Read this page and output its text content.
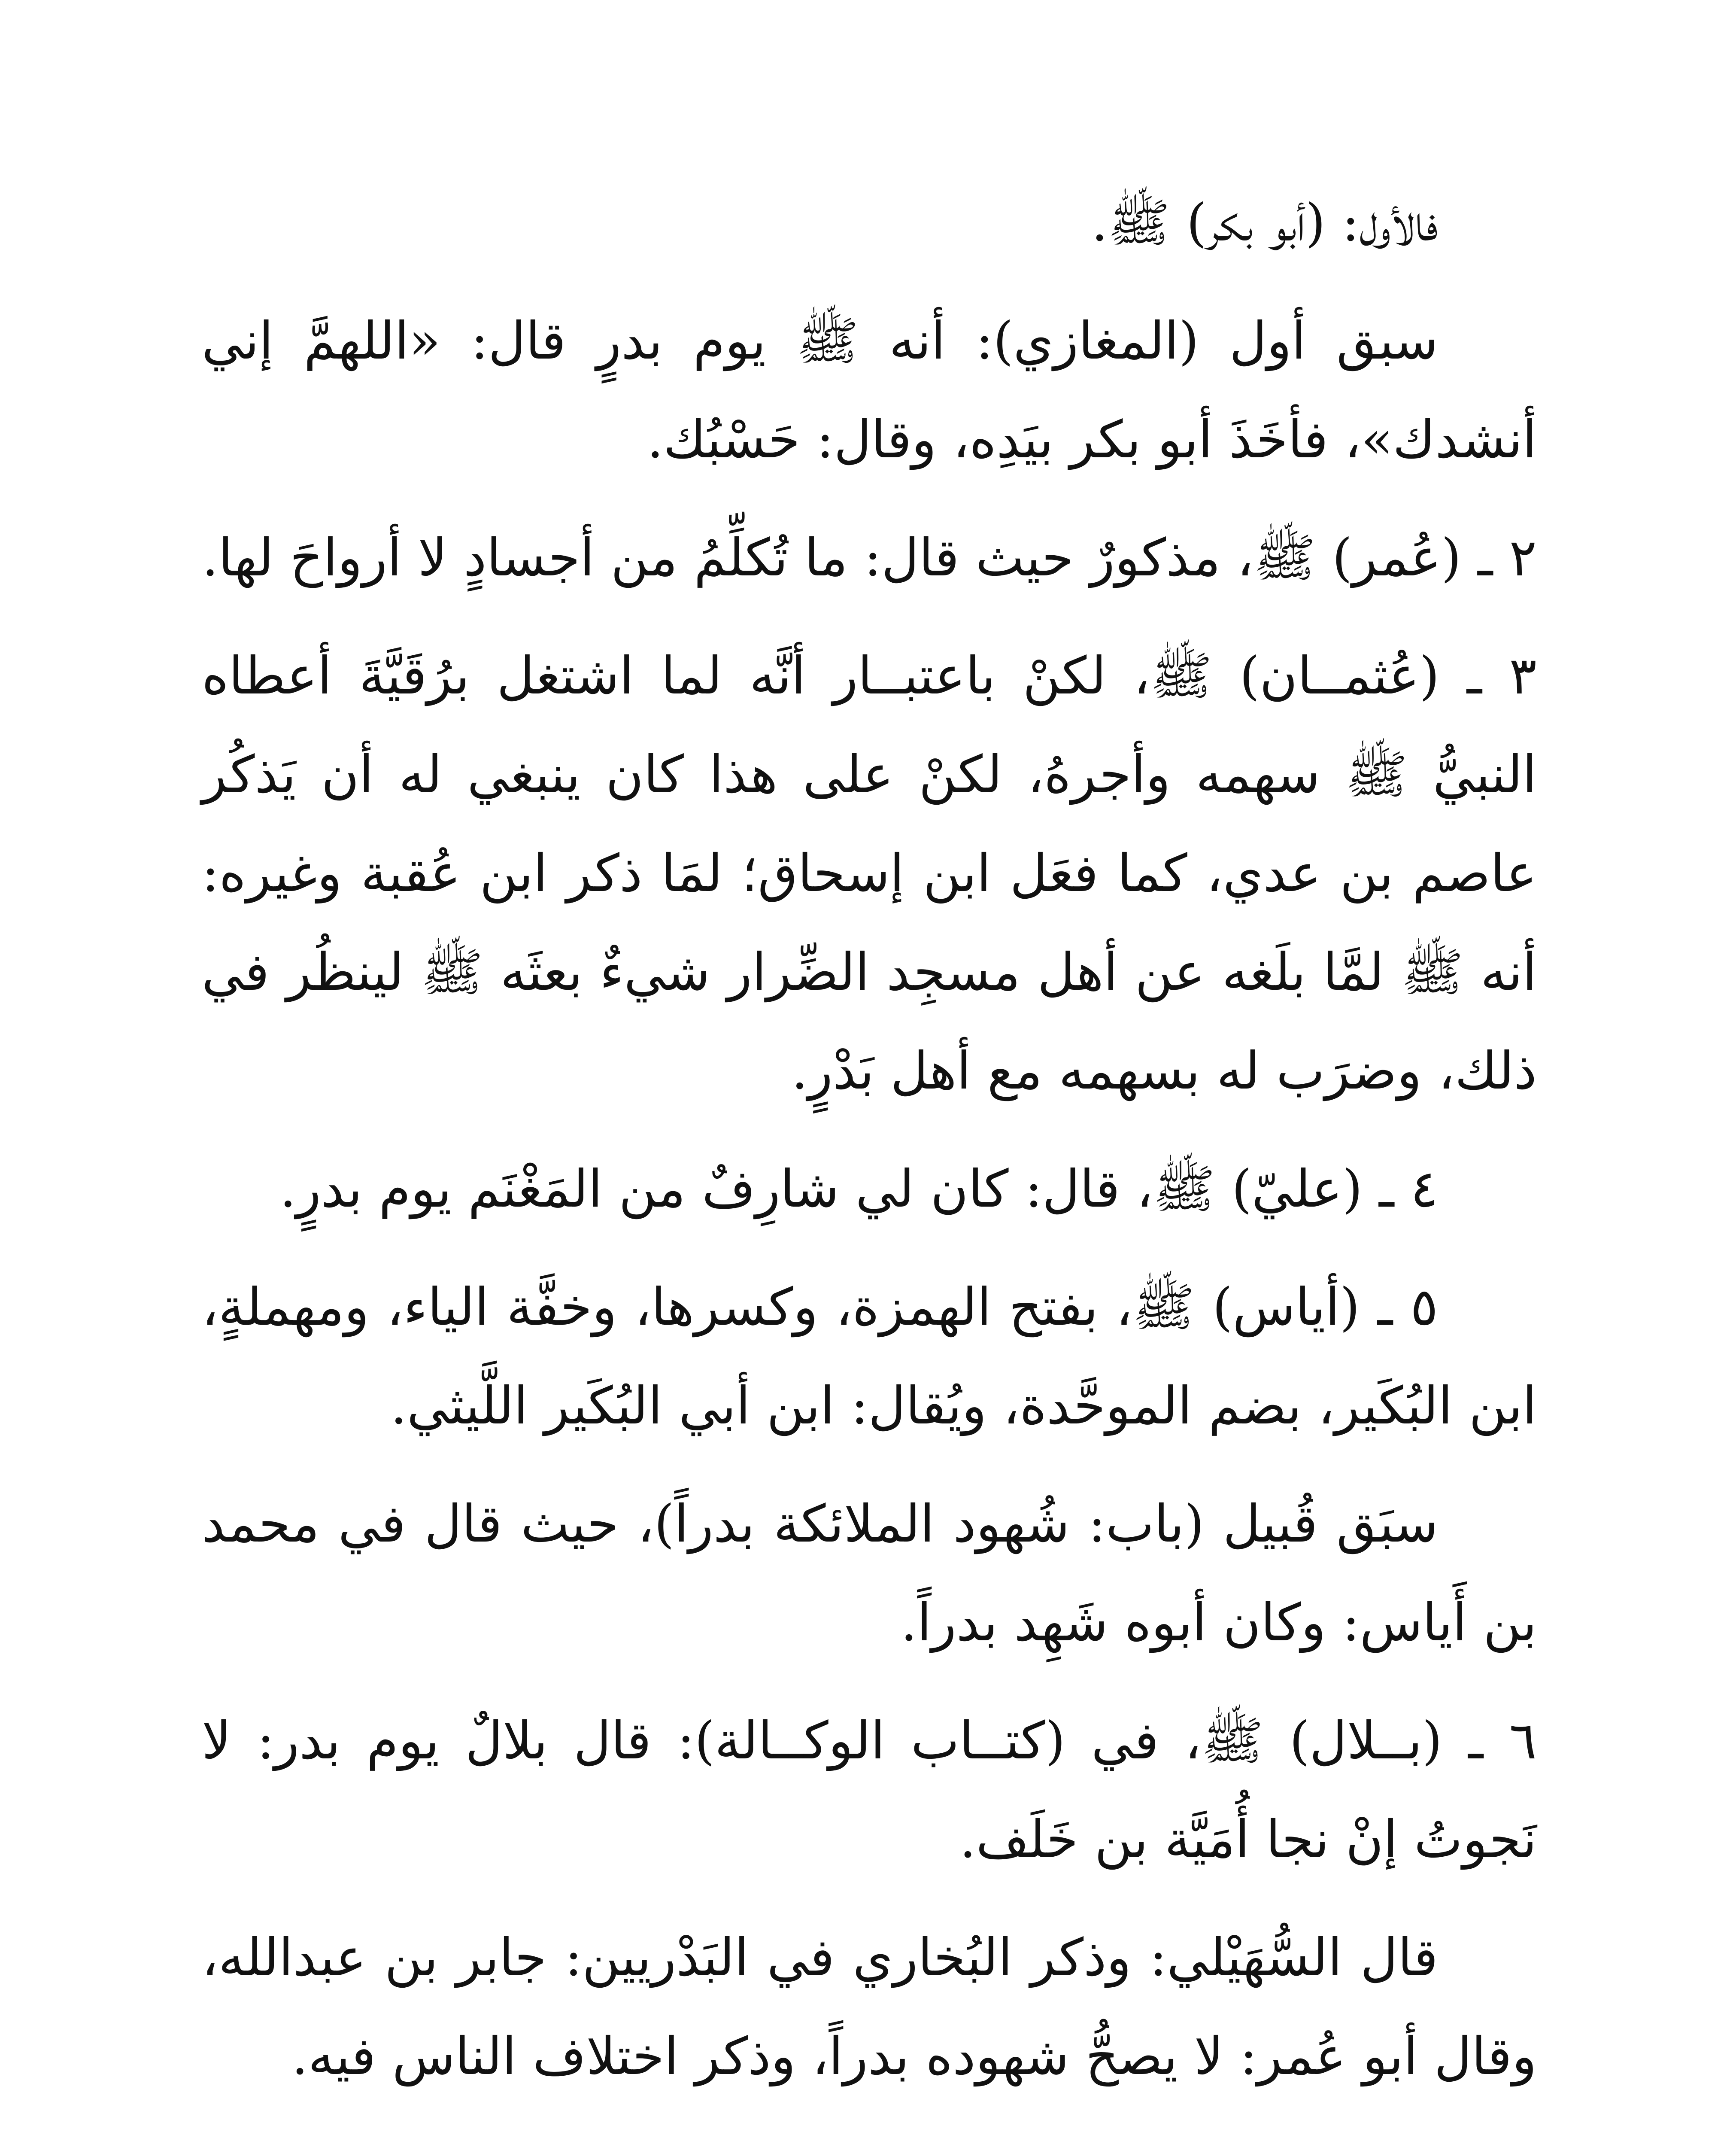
فالأول: (أبو بكر) ﷺ.

سبق أول (المغازي): أنه ﷺ يوم بدرٍ قال: «اللهمَّ إني أنشدك»، فأخَذَ أبو بكر بيَدِه، وقال: حَسْبُك.

٢ ـ (عُمر) ﷺ، مذكورٌ حيث قال: ما تُكلِّمُ من أجسادٍ لا أرواحَ لها.

٣ ـ (عُثمــان) ﷺ، لكنْ باعتبــار أنَّه لما اشتغل برُقَيَّةَ أعطاه النبيُّ ﷺ سهمه وأجرهُ، لكنْ على هذا كان ينبغي له أن يَذكُر عاصم بن عدي، كما فعَل ابن إسحاق؛ لمَا ذكر ابن عُقبة وغيره: أنه ﷺ لمَّا بلَغه عن أهل مسجِد الضِّرار شيءٌ بعثَه ﷺ لينظُر في ذلك، وضرَب له بسهمه مع أهل بَدْرٍ.

٤ ـ (عليّ) ﷺ، قال: كان لي شارِفٌ من المَغْنَم يوم بدرٍ.

٥ ـ (أياس) ﷺ، بفتح الهمزة، وكسرها، وخفَّة الياء، ومهملةٍ، ابن البُكَير، بضم الموحَّدة، ويُقال: ابن أبي البُكَير اللَّيثي.

سبَق قُبيل (باب: شُهود الملائكة بدراً)، حيث قال في محمد بن أَياس: وكان أبوه شَهِد بدراً.

٦ ـ (بــلال) ﷺ، في (كتــاب الوكــالة): قال بلالٌ يوم بدر: لا نَجوتُ إنْ نجا أُمَيَّة بن خَلَف.

قال السُّهَيْلي: وذكر البُخاري في البَدْريين: جابر بن عبدالله، وقال أبو عُمر: لا يصحُّ شهوده بدراً، وذكر اختلاف الناس فيه.
